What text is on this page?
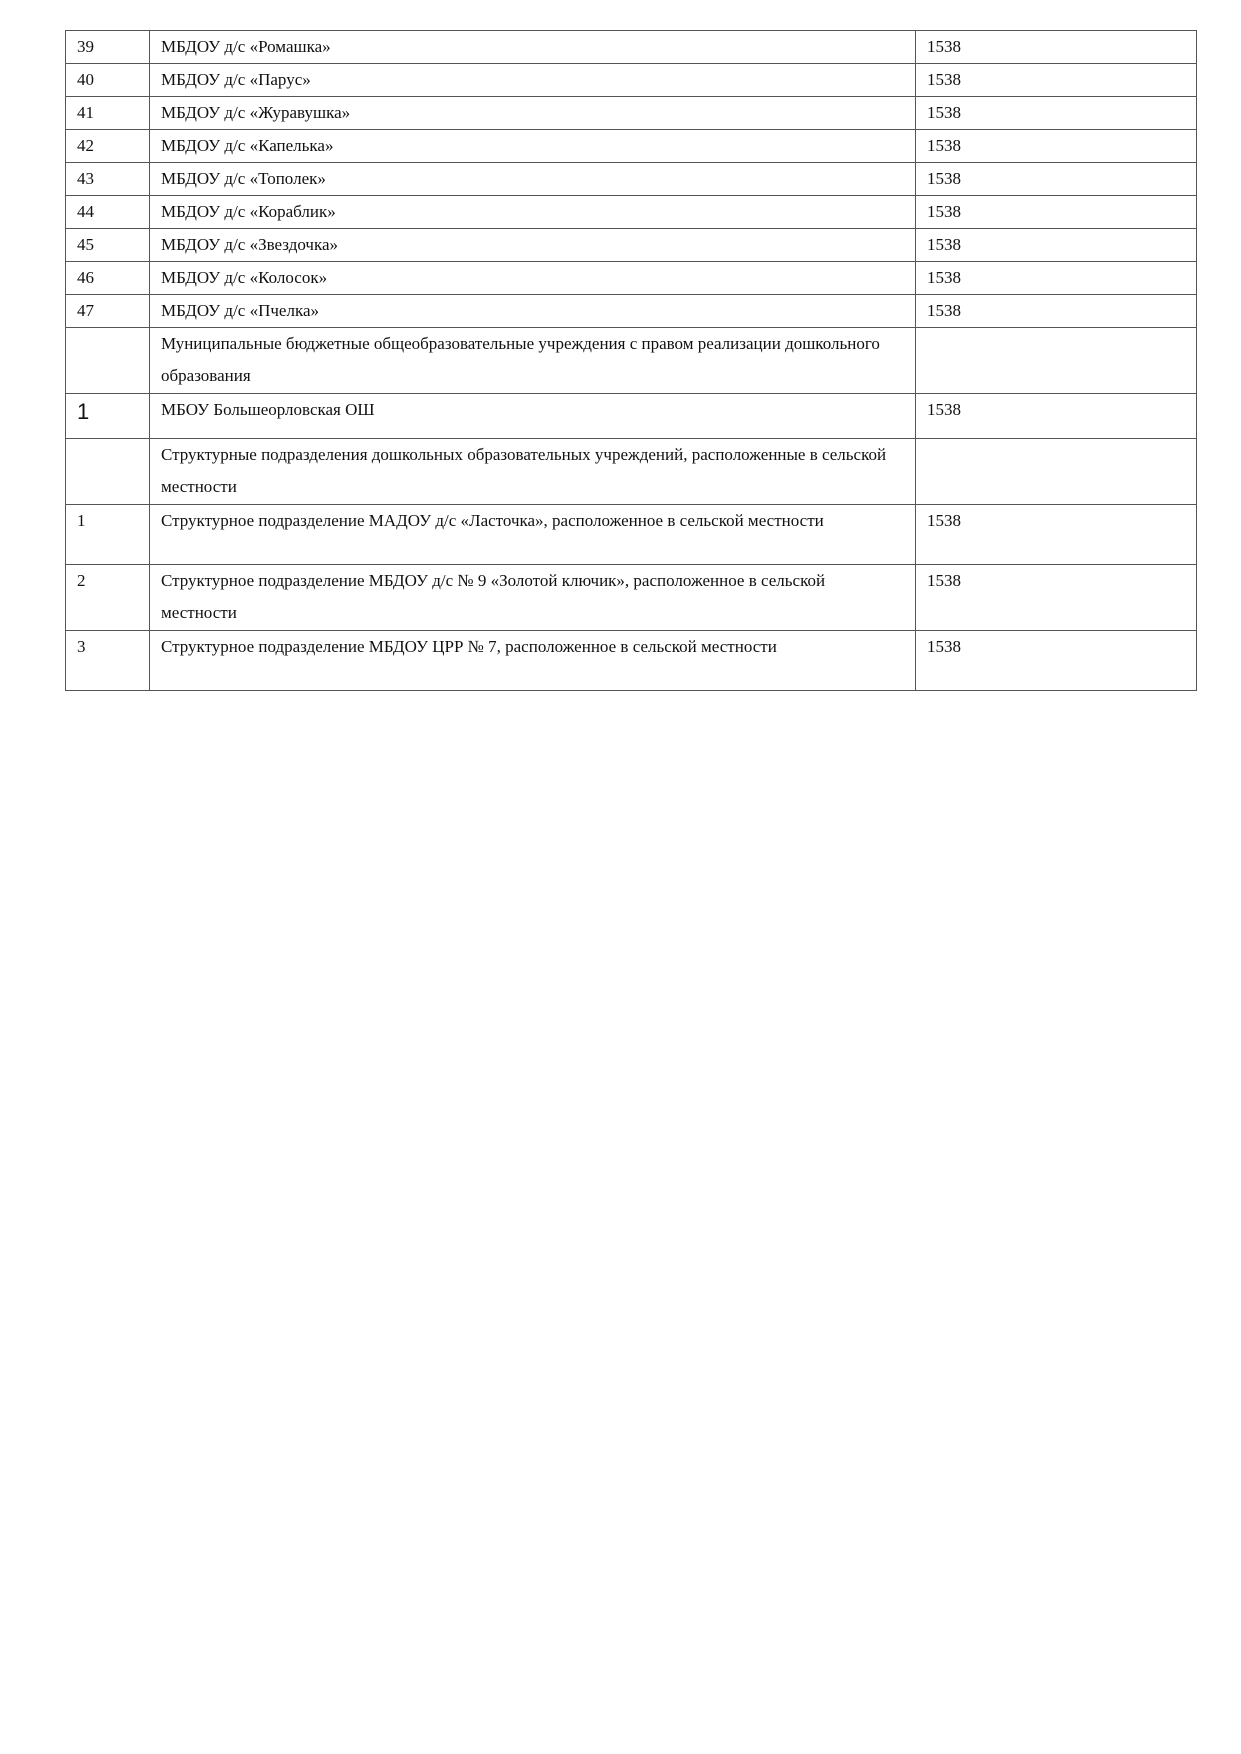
39	МБДОУ д/с «Ромашка»	1538
40	МБДОУ д/с «Парус»	1538
41	МБДОУ д/с «Журавушка»	1538
42	МБДОУ д/с «Капелька»	1538
43	МБДОУ д/с «Тополек»	1538
44	МБДОУ д/с «Кораблик»	1538
45	МБДОУ д/с «Звездочка»	1538
46	МБДОУ д/с «Колосок»	1538
47	МБДОУ д/с «Пчелка»	1538
	Муниципальные бюджетные общеобразовательные учреждения с правом реализации дошкольного образования	
1	МБОУ Большеорловская ОШ	1538
	Структурные подразделения дошкольных образовательных учреждений, расположенные в сельской местности	
1	Структурное подразделение МАДОУ д/с «Ласточка», расположенное в сельской местности	1538
2	Структурное подразделение МБДОУ д/с № 9 «Золотой ключик», расположенное в сельской местности	1538
3	Структурное подразделение МБДОУ ЦРР № 7, расположенное в сельской местности	1538
